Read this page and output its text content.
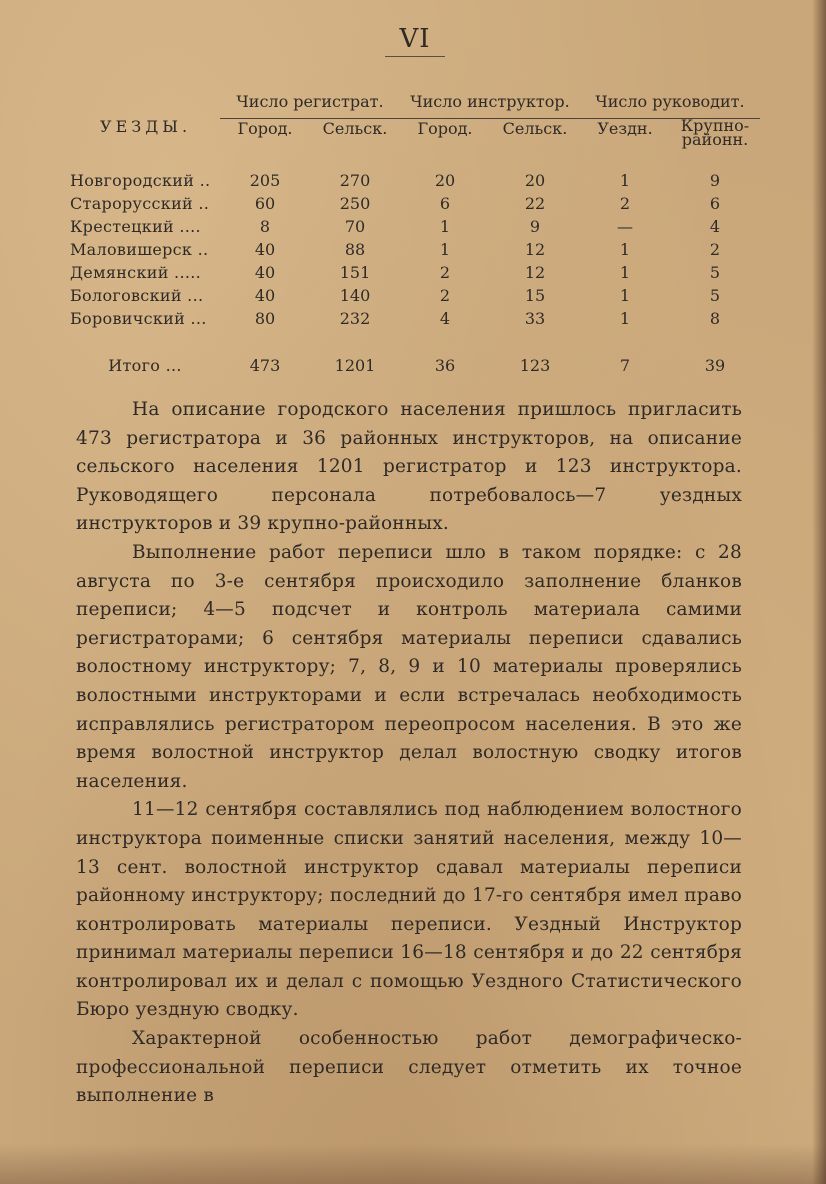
VI
УЕЗДЫ.	Число регистрат.		Число инструктор.		Число руководит.	
	Город.	Сельск.	Город.	Сельск.	Уездн.	Крупно-районн.
Новгородский ..	205	270	20	20	1	9
Старорусский ..	60	250	6	22	2	6
Крестецкий ....	8	70	1	9	—	4
Маловишерск ..	40	88	1	12	1	2
Демянский .....	40	151	2	12	1	5
Бологовский ...	40	140	2	15	1	5
Боровичский ...	80	232	4	33	1	8
Итого ...	473	1201	36	123	7	39

На описание городского населения пришлось пригласить 473 регистратора и 36 районных инструкторов, на описание сельского населения 1201 регистратор и 123 инструктора. Руководящего персонала потребовалось—7 уездных инструкторов и 39 крупно-районных.

Выполнение работ переписи шло в таком порядке: с 28 августа по 3-е сентября происходило заполнение бланков переписи; 4—5 подсчет и контроль материала самими регистраторами; 6 сентября материалы перепиcи сдавались волостному инструктору; 7, 8, 9 и 10 материалы проверялись волостными инструкторами и если встречалась необходимость исправлялись регистратором переопросом населения. В это же время волостной инструктор делал волостную сводку итогов населения.

11—12 сентября составлялись под наблюдением волостного инструктора поименные списки занятий населения, между 10—13 сент. волостной инструктор сдавал материалы переписи районному инструктору; последний до 17-го сентября имел право контролировать материалы переписи. Уездный Инструктор принимал материалы переписи 16—18 сентября и до 22 сентября контролировал их и делал с помощью Уездного Статистического Бюро уездную сводку.

Характерной особенностью работ демографическо-профессиональной переписи следует отметить их точное выполнение в
